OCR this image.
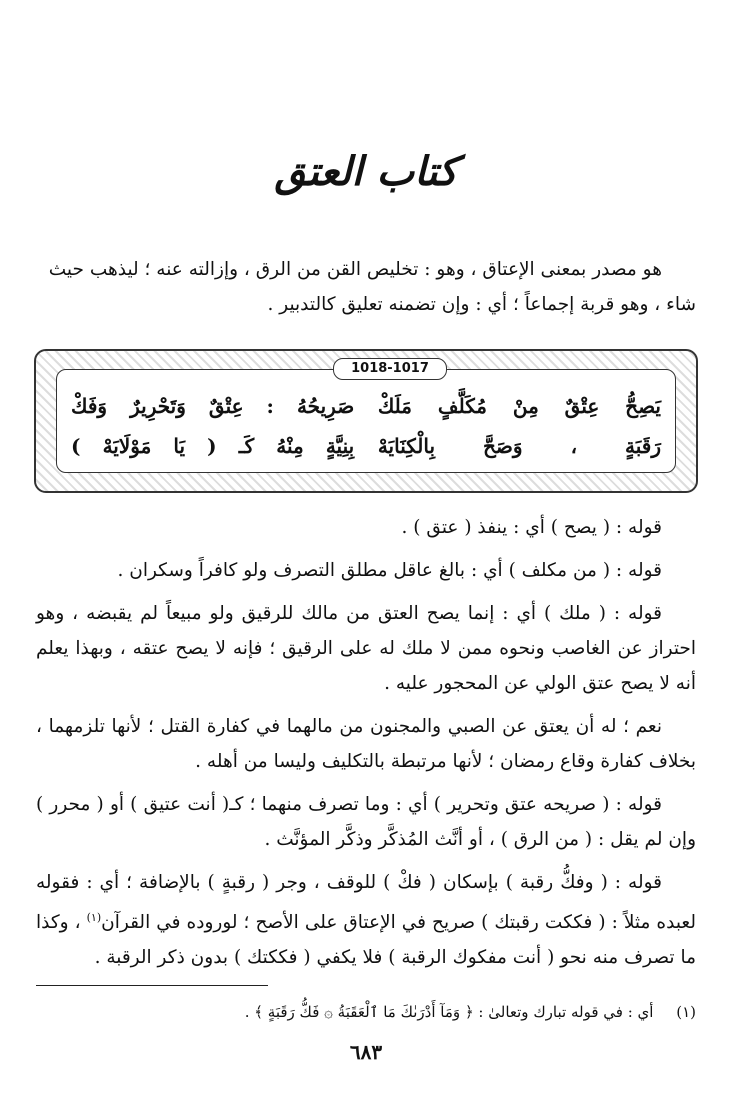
كتاب العتق

هو مصدر بمعنى الإعتاق ، وهو : تخليص القن من الرق ، وإزالته عنه ؛ ليذهب حيث

شاء ، وهو قربة إجماعاً ؛ أي : وإن تضمنه تعليق كالتدبير .

1018-1017
يَصِحُّ عِتْقٌ مِنْ مُكَلَّفٍ مَلَكْ
صَرِيحُهُ : عِتْقٌ وَتَحْرِيرٌ وَفَكْ
رَقَبَةٍ ، وَصَحَّ بِالْكِنَايَهْ
بِنِيَّةٍ مِنْهُ كَـ ( يَا مَوْلَايَهْ )

قوله : ( يصح ) أي : ينفذ ( عتق ) .

قوله : ( من مكلف ) أي : بالغ عاقل مطلق التصرف ولو كافراً وسكران .

قوله : ( ملك ) أي : إنما يصح العتق من مالك للرقيق ولو مبيعاً لم يقبضه ، وهو احتراز عن الغاصب ونحوه ممن لا ملك له على الرقيق ؛ فإنه لا يصح عتقه ، وبهذا يعلم أنه لا يصح عتق الولي عن المحجور عليه .

نعم ؛ له أن يعتق عن الصبي والمجنون من مالهما في كفارة القتل ؛ لأنها تلزمهما ، بخلاف كفارة وقاع رمضان ؛ لأنها مرتبطة بالتكليف وليسا من أهله .

قوله : ( صريحه عتق وتحرير ) أي : وما تصرف منهما ؛ كـ( أنت عتيق ) أو ( محرر ) وإن لم يقل : ( من الرق ) ، أو أنَّث المُذكَّر وذكَّر المؤنَّث .

قوله : ( وفكُّ رقبة ) بإسكان ( فكْ ) للوقف ، وجر ( رقبةٍ ) بالإضافة ؛ أي : فقوله لعبده مثلاً : ( فككت رقبتك ) صريح في الإعتاق على الأصح ؛ لوروده في القرآن$^{(١)}$ ، وكذا ما تصرف منه نحو ( أنت مفكوك الرقبة ) فلا يكفي ( فككتك ) بدون ذكر الرقبة .

(١) أي : في قوله تبارك وتعالىٰ : ﴿ وَمَآ أَدْرَىٰكَ مَا ٱلْعَقَبَةُ ۞ فَكُّ رَقَبَةٍ ﴾ .
٦٨٣
